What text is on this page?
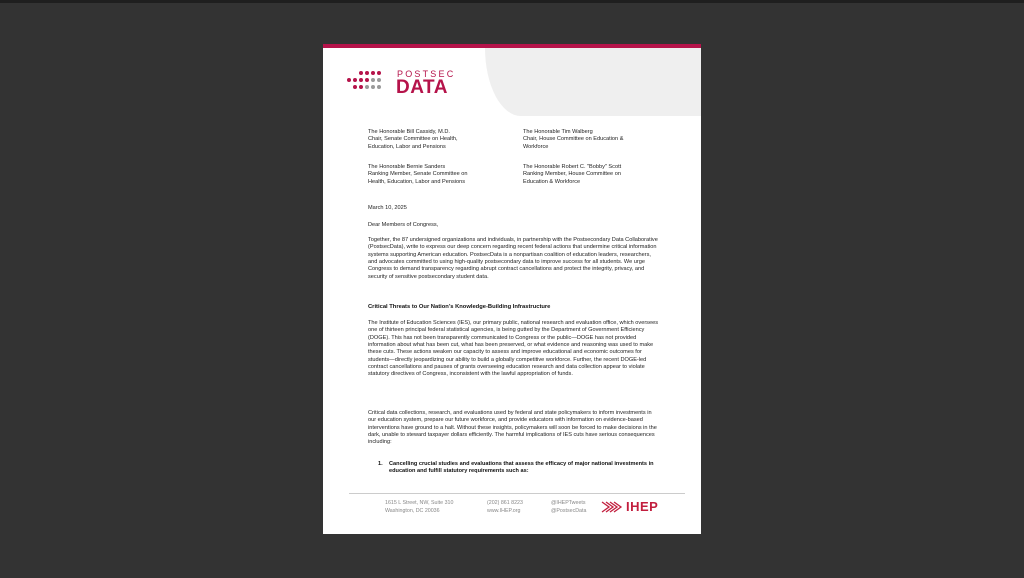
POSTSEC
DATA
The Honorable Bill Cassidy, M.D.
Chair, Senate Committee on Health,
Education, Labor and Pensions
The Honorable Bernie Sanders
Ranking Member, Senate Committee on
Health, Education, Labor and Pensions
The Honorable Tim Walberg
Chair, House Committee on Education &
Workforce
The Honorable Robert C. "Bobby" Scott
Ranking Member, House Committee on
Education & Workforce
March 10, 2025
Dear Members of Congress,
Together, the 87 undersigned organizations and individuals, in partnership with the Postsecondary Data Collaborative (PostsecData), write to express our deep concern regarding recent federal actions that undermine critical information systems supporting American education. PostsecData is a nonpartisan coalition of education leaders, researchers, and advocates committed to using high-quality postsecondary data to improve success for all students. We urge Congress to demand transparency regarding abrupt contract cancellations and protect the integrity, privacy, and security of sensitive postsecondary student data.
Critical Threats to Our Nation’s Knowledge-Building Infrastructure
The Institute of Education Sciences (IES), our primary public, national research and evaluation office, which oversees one of thirteen principal federal statistical agencies, is being gutted by the Department of Government Efficiency (DOGE). This has not been transparently communicated to Congress or the public—DOGE has not provided information about what has been cut, what has been preserved, or what evidence and reasoning was used to make these cuts. These actions weaken our capacity to assess and improve educational and economic outcomes for students—directly jeopardizing our ability to build a globally competitive workforce. Further, the recent DOGE-led contract cancellations and pauses of grants overseeing education research and data collection appear to violate statutory directives of Congress, inconsistent with the lawful appropriation of funds.
Critical data collections, research, and evaluations used by federal and state policymakers to inform investments in our education system, prepare our future workforce, and provide educators with information on evidence-based interventions have ground to a halt. Without these insights, policymakers will soon be forced to make decisions in the dark, unable to steward taxpayer dollars efficiently. The harmful implications of IES cuts have serious consequences including:
1. Cancelling crucial studies and evaluations that assess the efficacy of major national investments in education and fulfill statutory requirements such as:
1615 L Street, NW, Suite 310
Washington, DC 20036
(202) 861 8223
www.IHEP.org
@IHEPTweets
@PostsecData	IHEP
